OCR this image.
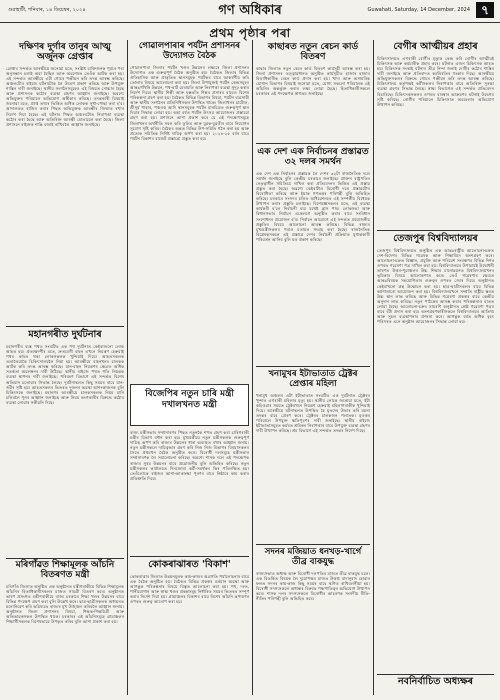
গুৱাহাটী, শনিবাৰ, ১৪ ডিচেম্বৰ, ২০২৪	গণ অধিকাৰ	Guwahati, Saturday, 14 December, 2024 ৭
প্ৰথম পৃষ্ঠাৰ পৰা
দক্ষিণৰ দুৰ্গাৰ তানুৰ আত্মু অৰ্জুনক গ্ৰেপ্তাৰ
গ্ৰেপ্তাৰ সন্দৰ্ভত আৰক্ষীয়ে জনোৱা মতে, সংশ্লিষ্ট ব্যক্তিজনক পূৰ্বৰে পৰা অনুসন্ধান চলাই অহা হৈছিল আৰু অৱশেষত তেওঁক আটক কৰা হয়। এই সন্দৰ্ভত আৰক্ষীয়ে এটা গোচৰ পঞ্জীয়ন কৰি তদন্ত আৰম্ভ কৰিছে। অঞ্চলটোৰ ৰাইজে ঘটনাটোক লৈ উদ্বেগ প্ৰকাশ কৰিছে আৰু উপযুক্ত শাস্তিৰ দাবী জনাইছে। স্থানীয় সংগঠনসমূহেও এই বিষয়ত সোচ্চাৰ হৈছে আৰু প্ৰশাসনক কঠোৰ ব্যৱস্থা গ্ৰহণৰ আহ্বান জনাইছে। অৱশ্যে অভিযুক্তৰ পৰিয়ালে অভিযোগ অস্বীকাৰ কৰিছে। তদন্তকাৰী বিষয়াই জনোৱা মতে, প্ৰাপ্ত তথ্যৰ ভিত্তিত অধিক লোকক সুধা-পোছা কৰা হ'ব। আদালতত হাজিৰ কৰাৰ পিছত অভিযুক্তক আৰক্ষীৰ জিম্মাত ৰখাৰ নিৰ্দেশ দিয়া হৈছে। এই ঘটনাৰ পিছত অঞ্চলটোত নিৰাপত্তা ব্যৱস্থা কঠোৰ কৰা হৈছে আৰু অতিৰিক্ত আৰক্ষী মোতায়েন কৰা হৈছে। জিলা প্ৰশাসনে ৰাইজক শান্তি বজাই ৰাখিবলৈ আহ্বান জনাইছে।
মহানগৰীত দুৰ্ঘটনাৰ
মহানগৰীৰ ব্যস্ত পথত সংঘটিত এক পথ দুৰ্ঘটনাত কেইবাজনো লোক আহত হয়। প্ৰত্যক্ষদৰ্শীৰ মতে, দ্ৰুতবেগী বাহন এখনে নিয়ন্ত্ৰণ হেৰুৱাই পথৰ কাষত থকা লোকসকলক খুন্দিয়াই দিয়ে। আহতসকলক ততাতৈয়াকৈ চিকিৎসালয়লৈ নিয়া হয়। আৰক্ষীয়ে বাহনখনৰ চালকক আটক কৰি তদন্ত আৰম্ভ কৰিছে। যান-বাহন নিয়ন্ত্ৰণৰ ক্ষেত্ৰত অধিক সতৰ্কতা অৱলম্বনৰ দাবী উঠিছে। স্থানীয় ৰাইজে পথত গতি নিয়ন্ত্ৰক ব্যৱস্থা স্থাপনৰ দাবী জনাইছে। পৰিবহণ বিভাগে এই সন্দৰ্ভত বিশেষ অভিযান চলোৱাৰ সিদ্ধান্ত লৈছে। দুৰ্ঘটনাস্থলত কিছু সময়ৰ বাবে যান-জঁটৰ সৃষ্টি হয়। আহতসকলৰ ভিতৰত দুজনৰ অৱস্থা আশংকাজনক বুলি চিকিৎসকে জনাইছে। মহানগৰ আৰক্ষীয়ে চালকসকলক নিয়ম মানি চলিবলৈ পুনৰ আহ্বান জনাইছে আৰু নিয়ম ভংগকাৰীৰ বিৰুদ্ধে কঠোৰ ব্যৱস্থা লোৱাৰ সকীয়নি দিছে।
মৰিগাঁৱত শিক্ষামূলক আঁচনি বিতৰণত মন্ত্ৰী
মৰিগাঁও জিলাত অনুষ্ঠিত এক অনুষ্ঠানত মন্ত্ৰীগৰাকীয়ে বিভিন্ন শিক্ষামূলক আঁচনিৰ হিতাধিকাৰীসকলৰ মাজত সামগ্ৰী বিতৰণ কৰে। অনুষ্ঠানত ভাষণ প্ৰসংগত মন্ত্ৰীগৰাকীয়ে ৰাজ্য চৰকাৰে শিক্ষা খণ্ডৰ উন্নয়নৰ বাবে বিভিন্ন পদক্ষেপ গ্ৰহণ কৰা বুলি উল্লেখ কৰে। ছাত্ৰ-ছাত্ৰীসকলক অধ্যয়নত মনোনিৱেশ কৰি ভৱিষ্যতে ৰাজ্যৰ মুখ উজ্জ্বল কৰিবলৈ আহ্বান জনায়। অনুষ্ঠানত জিলা প্ৰশাসনৰ বিষয়া, শিক্ষক-শিক্ষয়িত্ৰী আৰু অভিভাৱকসকল উপস্থিত থাকে। চৰকাৰৰ এই আঁচনিসমূহে গ্ৰামাঞ্চলৰ শিক্ষাৰ্থীসকলক বিশেষভাৱে উপকৃত কৰিব বুলি আশা প্ৰকাশ কৰা হয়।
গোৱালপাৰাৰ পৰ্যটন প্ৰশাসনৰ উদ্যোগত বৈঠক
গোৱালপাৰা জিলাৰ পৰ্যটন খণ্ডৰ উন্নয়নৰ লক্ষ্যৰে জিলা প্ৰশাসনৰ উদ্যোগত এক গুৰুত্বপূৰ্ণ বৈঠক অনুষ্ঠিত হয়। বৈঠকত জিলাৰ বিভিন্ন ঐতিহাসিক আৰু প্ৰাকৃতিক স্থানসমূহক পৰ্যটকৰ বাবে আকৰ্ষণীয় কৰি তোলাৰ বিষয়ে আলোচনা কৰা হয়। জিলা উপায়ুক্তই পৰ্যটন কেন্দ্ৰসমূহৰ আন্তঃগাঁথনি উন্নয়ন, পথ-ঘাট মেৰামতি আৰু নিৰাপত্তা ব্যৱস্থা সুদৃঢ় কৰাৰ নিৰ্দেশ দিয়ে। স্থানীয় শিল্পী আৰু হস্ততাঁত শিল্পৰ প্ৰসাৰৰ বাবেও বিশেষ পৰিকল্পনা গ্ৰহণ কৰা হয়। বৈঠকত বিভিন্ন বিভাগৰ বিষয়া, পৰ্যটন ব্যৱসায়ী আৰু স্থানীয় সংগঠনৰ প্ৰতিনিধিসকল উপস্থিত থাকে। জিলাখনৰ চাটোল, শ্ৰীসূৰ্য পাহাৰ, পঞ্চৰত্ন আদি স্থানসমূহক পৰ্যটন মানচিত্ৰত গুৰুত্বপূৰ্ণ স্থান দিয়াৰ সিদ্ধান্ত লোৱা হয়। অহা বৰ্ষত পৰ্যটন উৎসৱ আয়োজনৰ প্ৰস্তাৱো গ্ৰহণ কৰা হয়। প্ৰশাসনে আশা প্ৰকাশ কৰে যে এই পদক্ষেপসমূহে জিলাখনৰ অৰ্থনীতি সবল কৰি তুলিব আৰু যুৱক-যুৱতীৰ বাবে নিয়োগৰ সুযোগ সৃষ্টি কৰিব। বৈঠকৰ অন্তত বিভিন্ন উপ-সমিতি গঠন কৰা হয় আৰু প্ৰত্যেক সমিতিক নিৰ্দিষ্ট দায়িত্ব অৰ্পণ কৰা হয়। ২০২৪-২৫ বৰ্ষৰ বাবে পৰ্যটন বিকাশৰ বাজেট প্ৰস্তাৱো প্ৰস্তুত কৰা হয়।
বিজেপিৰ নতুন চাৰি মন্ত্ৰী দখালখনত মন্ত্ৰী
ৰাজ্য মন্ত্ৰীসভাৰ সম্প্ৰসাৰণৰ পিছত নতুনকৈ শপত গ্ৰহণ কৰা চাৰিগৰাকী মন্ত্ৰীৰ বিভাগ বন্টন কৰা হয়। মুখ্যমন্ত্ৰীয়ে নতুন মন্ত্ৰীসকলক গুৰুত্বপূৰ্ণ দায়িত্ব অৰ্পণ কৰি ৰাজ্যৰ উন্নয়নৰ ধাৰা অব্যাহত ৰখাৰ আহ্বান জনায়। নতুন মন্ত্ৰীসকলে দায়িত্বভাৰ গ্ৰহণ কৰি নিজ নিজ বিভাগৰ বিষয়াসকলৰ সৈতে প্ৰথমখন বৈঠক অনুষ্ঠিত কৰে। বিৰোধী দলসমূহে মন্ত্ৰীসভাৰ সম্প্ৰসাৰণক লৈ সমালোচনা কৰিছে। অৱশ্যে শাসক দলে এই পদক্ষেপক ৰাজ্যৰ সুষম উন্নয়নৰ বাবে প্ৰয়োজনীয় বুলি অভিহিত কৰিছে। নতুন মন্ত্ৰীসকলৰ কাৰ্যালয়ত দিনজোৰা কৰ্মী-সমৰ্থকৰ ভিৰ পৰিলক্ষিত হয়। তেওঁলোকে ৰাইজৰ আশা-আকাংক্ষা পূৰণৰ বাবে নিষ্ঠাৰে কাম কৰাৰ প্ৰতিশ্ৰুতি দিয়ে।
কোকৰাঝাৰত 'বিকাশ'
কোকৰাঝাৰ জিলাত উন্নয়নমূলক কাম-কাজৰ অগ্ৰগতি পৰ্যালোচনাৰ বাবে এক বৈঠক অনুষ্ঠিত হয়। বৈঠকত বিভিন্ন প্ৰকল্পৰ বৰ্তমান অৱস্থা আৰু আগন্তুক পৰিকল্পনাৰ বিষয়ে বিস্তৃত আলোচনা কৰা হয়। পথ, দলং, পানীযোগান আৰু স্বাস্থ্য খণ্ডৰ প্ৰকল্পসমূহ নিৰ্ধাৰিত সময়ৰ ভিতৰত সম্পূৰ্ণ কৰাৰ নিৰ্দেশ দিয়া হয়। গ্ৰামাঞ্চলৰ বিকাশৰ বাবে বিশেষ আঁচনি ৰূপায়ণৰ ওপৰত গুৰুত্ব আৰোপ কৰা হয়।
কাছাৰত নতুন ৰেচন কাৰ্ড বিতৰণ
কাছাৰ জিলাত নতুন ৰেচন কাৰ্ড বিতৰণ কাৰ্যসূচী আৰম্ভ কৰা হয়। জিলা প্ৰশাসনৰ তত্ত্বাৱধানত অনুষ্ঠিত কাৰ্যসূচীত হাজাৰ হাজাৰ হিতাধিকাৰীক ৰেচন কাৰ্ড প্ৰদান কৰা হয়। খাদ্য আৰু অসামৰিক যোগান বিভাগৰ বিষয়াই জনোৱা মতে, যোগ্য সকলো পৰিয়ালক এই আঁচনিৰ অন্তৰ্ভুক্ত কৰাৰ লক্ষ্য লোৱা হৈছে। হিতাধিকাৰীসকলে চৰকাৰৰ এই পদক্ষেপক স্বাগতম জনাইছে।
এক দেশ এক নিৰ্বাচনৰ প্ৰস্তাৱত ৩২ দলৰ সমৰ্থন
এক দেশ এক নিৰ্বাচনৰ প্ৰস্তাৱক লৈ দেশৰ ৩২টা ৰাজনৈতিক দলে সমৰ্থন জনাইছে বুলি কেন্দ্ৰীয় চৰকাৰে জনাইছে। প্ৰাক্তন ৰাষ্ট্ৰপতিৰ নেতৃত্বাধীন সমিতিয়ে দাখিল কৰা প্ৰতিবেদনৰ ভিত্তিত এই প্ৰস্তাৱ প্ৰস্তুত কৰা হৈছে। অৱশ্যে কেইবাটাও বিৰোধী দলে প্ৰস্তাৱটোৰ বিৰোধিতা কৰিছে আৰু ইয়াক গণতন্ত্ৰৰ পৰিপন্থী বুলি অভিহিত কৰিছে। চৰকাৰে সংসদৰ চলিত অধিৱেশনতে এই সম্পৰ্কীয় বিধেয়ক উত্থাপন কৰাৰ প্ৰস্তুতি চলাইছে। বিশেষজ্ঞসকলৰ মতে, এই ব্যৱস্থা কাৰ্যকৰী হ'লে নিৰ্বাচনী ব্যয় যথেষ্ট হ্ৰাস পাব। লোকসভা আৰু বিধানসভাৰ নিৰ্বাচন একেলগে অনুষ্ঠিত কৰাৰ বাবে সংবিধান সংশোধনৰ প্ৰয়োজন হ'ব। নিৰ্বাচন আয়োগে এই সন্দৰ্ভত প্ৰয়োজনীয় প্ৰস্তুতিৰ বিষয়ে আলোচনা আৰম্ভ কৰিছে। বিভিন্ন ৰাজ্যৰ মুখ্যমন্ত্ৰীসকলৰ পৰাও মতামত সংগ্ৰহ কৰা হৈছে। ৰাজনৈতিক বিশ্লেষকসকলে এই প্ৰস্তাৱে দেশৰ নিৰ্বাচনী প্ৰক্ৰিয়াত যুগান্তকাৰী পৰিৱৰ্তন আনিব বুলি মত প্ৰকাশ কৰিছে।
খনামুখৰ ইটাভাতাত ট্ৰেক্টৰ প্ৰেপ্তাৰ মহিলা
খনামুখ অঞ্চলৰ এটা ইটাভাতাত সংঘটিত এক দুৰ্ঘটনাত ট্ৰেক্টৰৰ খুন্দাত এগৰাকী মহিলাৰ মৃত্যু হয়। স্থানীয় লোকে জনোৱা মতে, ইটা কঢ়িওৱাৰ সময়ত ট্ৰেক্টৰখনে নিয়ন্ত্ৰণ হেৰুৱাই মহিলাগৰাকীক খুন্দিয়াই দিয়ে। আৰক্ষীয়ে ঘটনাস্থলত উপস্থিত হৈ মৃতদেহ উদ্ধাৰ কৰি ময়না তদন্তৰ বাবে প্ৰেৰণ কৰে। ট্ৰেক্টৰৰ চালকজন পলাতক। মৃতকৰ পৰিয়ালে উপযুক্ত ক্ষতিপূৰণৰ দাবী জনাইছে। স্থানীয় ৰাইজে ইটাভাতাসমূহত কৰ্মৰত শ্ৰমিকৰ নিৰাপত্তাৰ বাবে উপযুক্ত ব্যৱস্থা গ্ৰহণৰ দাবী উত্থাপন কৰিছে। শ্ৰম বিভাগে এই সন্দৰ্ভত তদন্তৰ নিৰ্দেশ দিছে।
সদনৰ মজিয়াত ধনখড়-খাৰ্গে তীব্ৰ বাকযুদ্ধ
ৰাজ্যসভাত অধ্যক্ষ আৰু বিৰোধী দলপতিৰ মাজত তীব্ৰ বাকযুদ্ধ চলে। এক বিতৰ্কিত বিষয়ক লৈ দুয়োপক্ষৰ মাজত উত্তপ্ত বাদানুবাদ হোৱাৰ ফলত সদনৰ কাম-কাজ কিছু সময়ৰ বাবে স্থগিত ৰাখিবলগীয়া হয়। বিৰোধী সদস্যসকলে অধ্যক্ষৰ বিৰুদ্ধে পক্ষপাতিত্বৰ অভিযোগ উত্থাপন কৰে। শাসক দলৰ সদস্যসকলে বিৰোধীৰ আচৰণক সংসদীয় ৰীতি-নীতিৰ পৰিপন্থী বুলি অভিহিত কৰে।
বেগীৰ আত্মীয়ৰ প্ৰহাৰ
চিকিৎসালয়ত এগৰাকী ৰোগীৰ মৃত্যুক কেন্দ্ৰ কৰি ৰোগীৰ আত্মীয়ই চিকিৎসক আৰু কৰ্মচাৰীক প্ৰহাৰ কৰে। ঘটনাত এজন চিকিৎসক আহত হয়। চিকিৎসক সংস্থাই ঘটনাৰ তীব্ৰ নিন্দা জনাই দোষীৰ কঠোৰ শাস্তিৰ দাবী জনাইছে আৰু প্ৰতিবাদত কৰ্মবিৰতিৰ হুংকাৰ দিছে। আৰক্ষীয়ে অভিযুক্তসকলৰ বিৰুদ্ধে গোচৰ পঞ্জীয়ন কৰি তদন্ত আৰম্ভ কৰিছে। চিকিৎসালয় কৰ্তৃপক্ষই কৰ্মীসকলৰ নিৰাপত্তাৰ বাবে অতিৰিক্ত সুৰক্ষা ব্যৱস্থা গ্ৰহণৰ সিদ্ধান্ত লৈছে। স্বাস্থ্য বিভাগেও এই সন্দৰ্ভত প্ৰতিবেদন বিচাৰিছে। চিকিৎসকসকলৰ ওপৰত বাৰম্বাৰ আক্ৰমণৰ ঘটনাই উদ্বেগৰ সৃষ্টি কৰিছে। ৰোগীৰ পৰিয়ালে চিকিৎসাত অৱহেলাৰ অভিযোগ উত্থাপন কৰিছে।
তেজপুৰ বিশ্ববিদ্যালয়ৰ
তেজপুৰ বিশ্ববিদ্যালয়ত অনুষ্ঠিত এক আন্তঃৰাষ্ট্ৰীয় আলোচনা-চক্ৰত দেশ-বিদেশৰ বিভিন্ন গৱেষক আৰু শিক্ষাবিদে অংশগ্ৰহণ কৰে। আলোচনা-চক্ৰত বিজ্ঞান, প্ৰযুক্তি আৰু পৰিৱেশ সংৰক্ষণৰ বিভিন্ন দিশৰ ওপৰত গৱেষণা পত্ৰ দাখিল কৰা হয়। বিশ্ববিদ্যালয়ৰ উপাচাৰ্যই উদ্বোধনী ভাষণত উত্তৰ-পূৱাঞ্চলৰ উচ্চ শিক্ষাৰ মানোন্নয়নত বিশ্ববিদ্যালয়খনৰ ভূমিকাৰ বিষয়ে আলোকপাত কৰে। তেওঁ গৱেষণাৰ ক্ষেত্ৰত আন্তঃবিষয়ক সহযোগিতাৰ গুৰুত্বৰ ওপৰত জোৰ দিয়ে। অনুষ্ঠানত কেইবাখনো গ্ৰন্থ উন্মোচন কৰা হয়। ছাত্ৰ-ছাত্ৰীসকলৰ বাবে বিভিন্ন কৰ্মশালাৰো আয়োজন কৰা হয়। বিশ্ববিদ্যালয়খনে সম্প্ৰতি ৰাষ্ট্ৰীয় স্তৰত উচ্চ স্থান লাভ কৰিছে আৰু বিভিন্ন গৱেষণা প্ৰকল্পৰ বাবে কেন্দ্ৰীয় অনুদান লাভ কৰিছে। নতুন পাঠ্যক্ৰম আৰম্ভ কৰাৰ পৰিকল্পনাও হাতত লোৱা হৈছে। আলোচনা-চক্ৰৰ সামৰণি অনুষ্ঠানত শ্ৰেষ্ঠ গৱেষণা পত্ৰৰ বাবে বঁটা প্ৰদান কৰা হয়। অংশগ্ৰহণকাৰীসকলে বিশ্ববিদ্যালয়ৰ আতিথ্য আৰু সুচল ব্যৱস্থাপনাৰ প্ৰশংসা কৰে। আগন্তুক বৰ্ষত অধিক বৃহৎ পৰিসৰত এনে অনুষ্ঠান আয়োজনৰ সিদ্ধান্ত লোৱা হয়।
নবনিৰ্বাচিত অধ্যক্ষৰ
